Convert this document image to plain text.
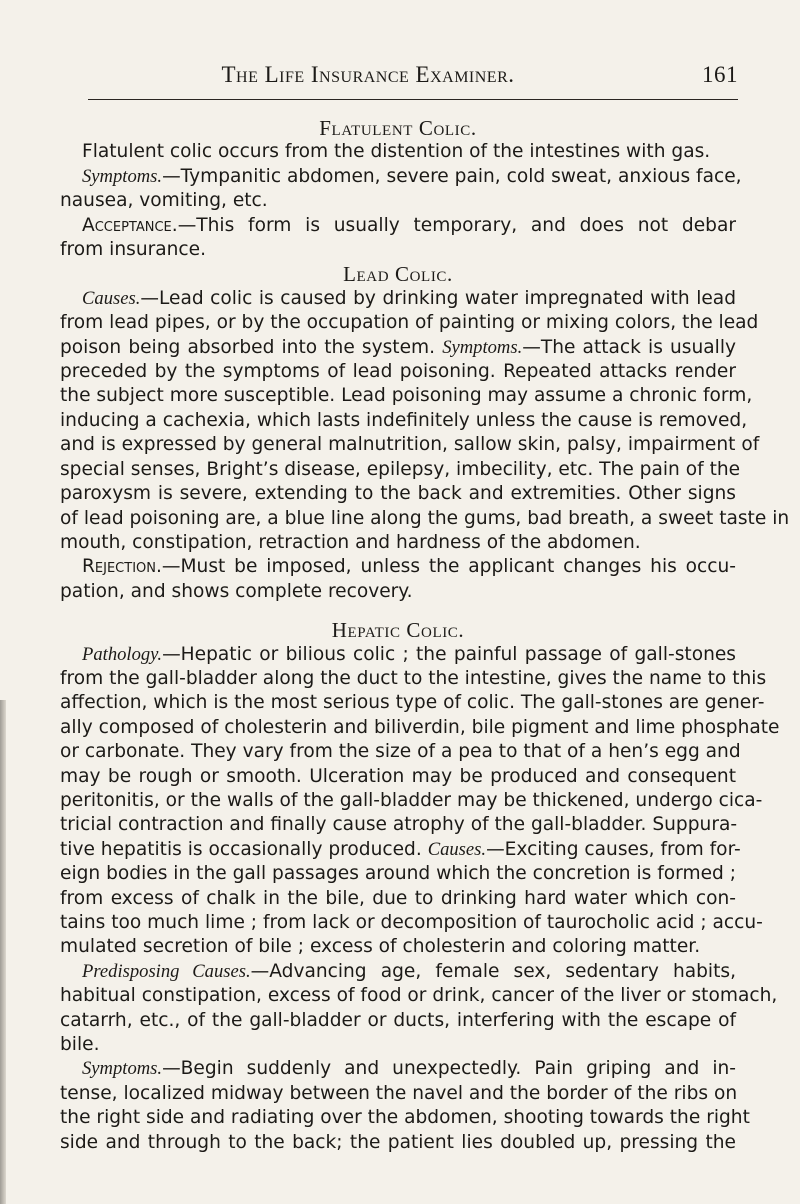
The Life Insurance Examiner.	161
Flatulent Colic.
Flatulent colic occurs from the distention of the intestines with gas.
Symptoms.—Tympanitic abdomen, severe pain, cold sweat, anxious face,
nausea, vomiting, etc.
Acceptance.—This form is usually temporary, and does not debar
from insurance.
Lead Colic.
Causes.—Lead colic is caused by drinking water impregnated with lead
from lead pipes, or by the occupation of painting or mixing colors, the lead
poison being absorbed into the system. Symptoms.—The attack is usually
preceded by the symptoms of lead poisoning. Repeated attacks render
the subject more susceptible. Lead poisoning may assume a chronic form,
inducing a cachexia, which lasts indefinitely unless the cause is removed,
and is expressed by general malnutrition, sallow skin, palsy, impairment of
special senses, Bright’s disease, epilepsy, imbecility, etc. The pain of the
paroxysm is severe, extending to the back and extremities. Other signs
of lead poisoning are, a blue line along the gums, bad breath, a sweet taste in
mouth, constipation, retraction and hardness of the abdomen.
Rejection.—Must be imposed, unless the applicant changes his occu-
pation, and shows complete recovery.
Hepatic Colic.
Pathology.—Hepatic or bilious colic ; the painful passage of gall-stones
from the gall-bladder along the duct to the intestine, gives the name to this
affection, which is the most serious type of colic. The gall-stones are gener-
ally composed of cholesterin and biliverdin, bile pigment and lime phosphate
or carbonate. They vary from the size of a pea to that of a hen’s egg and
may be rough or smooth. Ulceration may be produced and consequent
peritonitis, or the walls of the gall-bladder may be thickened, undergo cica-
tricial contraction and finally cause atrophy of the gall-bladder. Suppura-
tive hepatitis is occasionally produced. Causes.—Exciting causes, from for-
eign bodies in the gall passages around which the concretion is formed ;
from excess of chalk in the bile, due to drinking hard water which con-
tains too much lime ; from lack or decomposition of taurocholic acid ; accu-
mulated secretion of bile ; excess of cholesterin and coloring matter.
Predisposing Causes.—Advancing age, female sex, sedentary habits,
habitual constipation, excess of food or drink, cancer of the liver or stomach,
catarrh, etc., of the gall-bladder or ducts, interfering with the escape of
bile.
Symptoms.—Begin suddenly and unexpectedly. Pain griping and in-
tense, localized midway between the navel and the border of the ribs on
the right side and radiating over the abdomen, shooting towards the right
side and through to the back; the patient lies doubled up, pressing the
